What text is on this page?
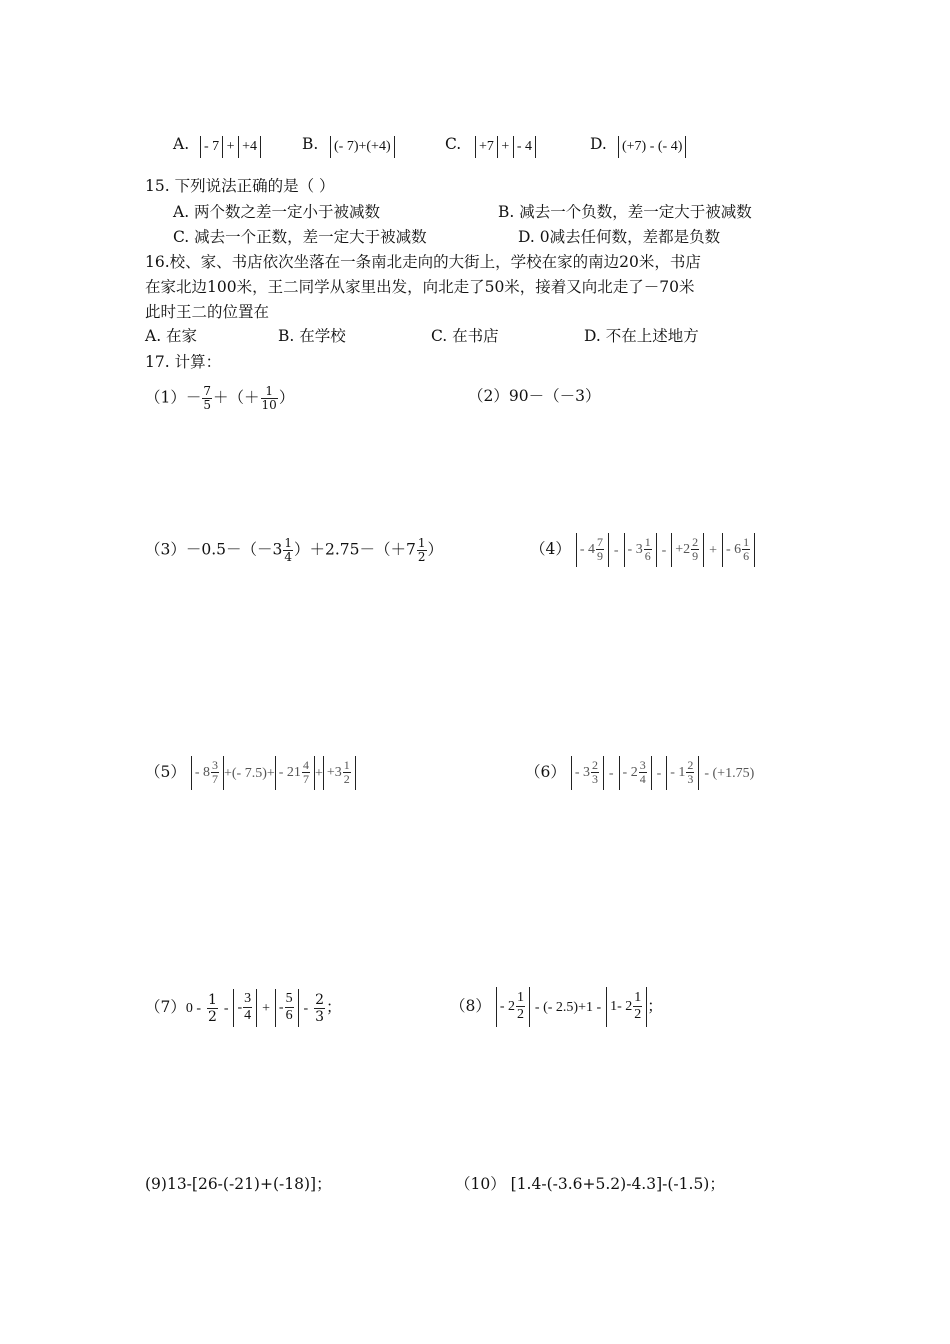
A. - 7 + +4	B. (- 7)+(+4)	C. +7 + - 4	D. (+7) - (- 4)
15. 下列说法正确的是（ ）
A. 两个数之差一定小于被减数	B. 减去一个负数，差一定大于被减数
C. 减去一个正数，差一定大于被减数	D. 0减去任何数，差都是负数
16.校、家、书店依次坐落在一条南北走向的大街上，学校在家的南边20米，书店
在家北边100米，王二同学从家里出发，向北走了50米，接着又向北走了－70米
此时王二的位置在
A. 在家	B. 在学校	C. 在书店	D. 不在上述地方
17. 计算：
$(1)- \frac{7}{5}$ ＋（＋ $\frac{1}{10}$ ）	（2）90－（－3）
$(3)-0.5-(-3 \frac{1}{4} )+2.75-(+7 \frac{1}{2}$ ）	$(4) - 4 \frac{7}{9}$ - - $3 \frac{1}{6} - +2 \frac{2}{9}$ + - $6 \frac{1}{6}$
$(5) - 8 \frac{3}{7}$ +(- $7.5)+ - 21 \frac{4}{7} + +3 \frac{1}{2}$	$(6) - 3 \frac{2}{3}$ - - $2 \frac{3}{4}$ - - $1 \frac{2}{3} - (+1.75)$
$(7)0 - \frac{1}{2}$ - - $\frac{3}{4}$ + - $\frac{5}{6} - \frac{2}{3}$ ；	$(8) - 2 \frac{1}{2}$ - (- 2.5)+1 - 1- $2 \frac{1}{2}$ ；
(9)13-[26-(-21)+(-18)]；	（10） [1.4-(-3.6+5.2)-4.3]-(-1.5)；
